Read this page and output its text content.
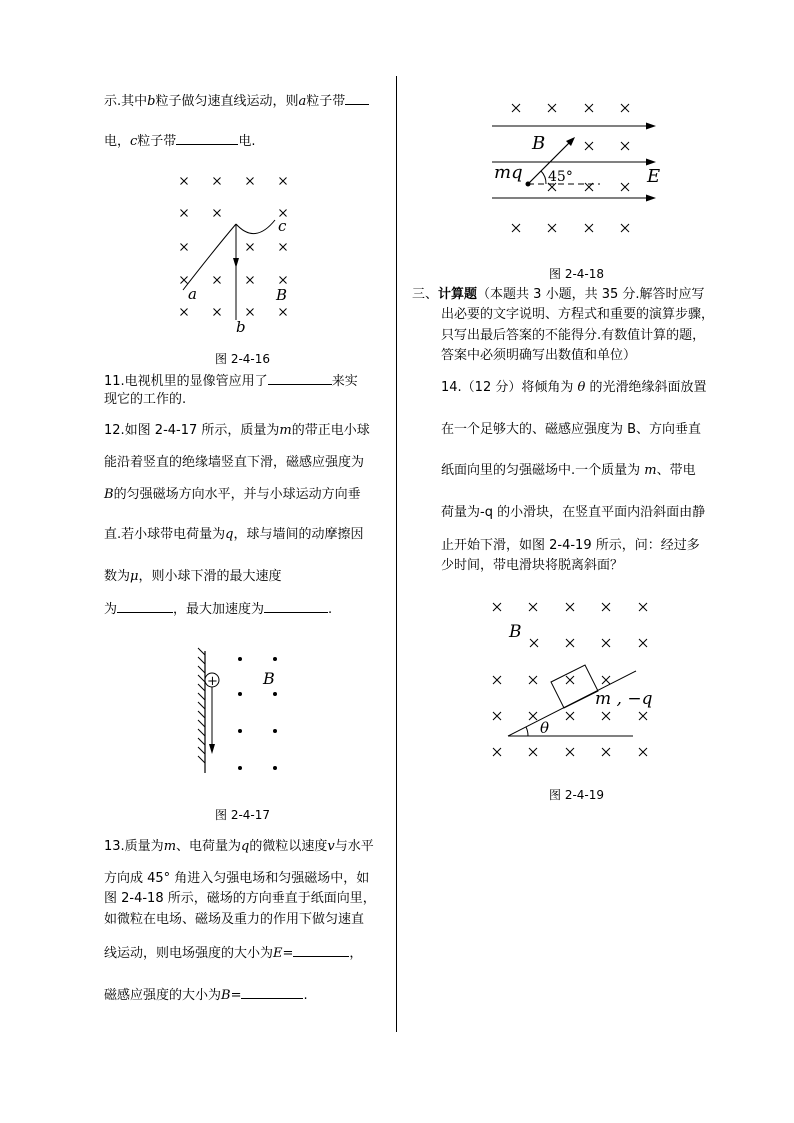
示.其中b粒子做匀速直线运动，则a粒子带
电，c粒子带	电.
a
b
c
B
图 2-4-16
11.电视机里的显像管应用了	来实
现它的工作的.
12.如图 2-4-17 所示，质量为m的带正电小球
能沿着竖直的绝缘墙竖直下滑，磁感应强度为
B的匀强磁场方向水平，并与小球运动方向垂
直.若小球带电荷量为q，球与墙间的动摩擦因
数为μ，则小球下滑的最大速度
为	，最大加速度为	.
+	B
图 2-4-17
13.质量为m、电荷量为q的微粒以速度v与水平
方向成 45° 角进入匀强电场和匀强磁场中，如
图 2-4-18 所示，磁场的方向垂直于纸面向里，
如微粒在电场、磁场及重力的作用下做匀速直
线运动，则电场强度的大小为E=	，
磁感应强度的大小为B=	.
B
mq 45°	E
图 2-4-18
三、计算题（本题共 3 小题，共 35 分.解答时应写
出必要的文字说明、方程式和重要的演算步骤，
只写出最后答案的不能得分.有数值计算的题，
答案中必须明确写出数值和单位）
14.（12 分）将倾角为 θ 的光滑绝缘斜面放置
在一个足够大的、磁感应强度为 B、方向垂直
纸面向里的匀强磁场中.一个质量为 m、带电
荷量为-q 的小滑块，在竖直平面内沿斜面由静
止开始下滑，如图 2-4-19 所示，问：经过多
少时间，带电滑块将脱离斜面？
B
m , −q
θ
图 2-4-19
